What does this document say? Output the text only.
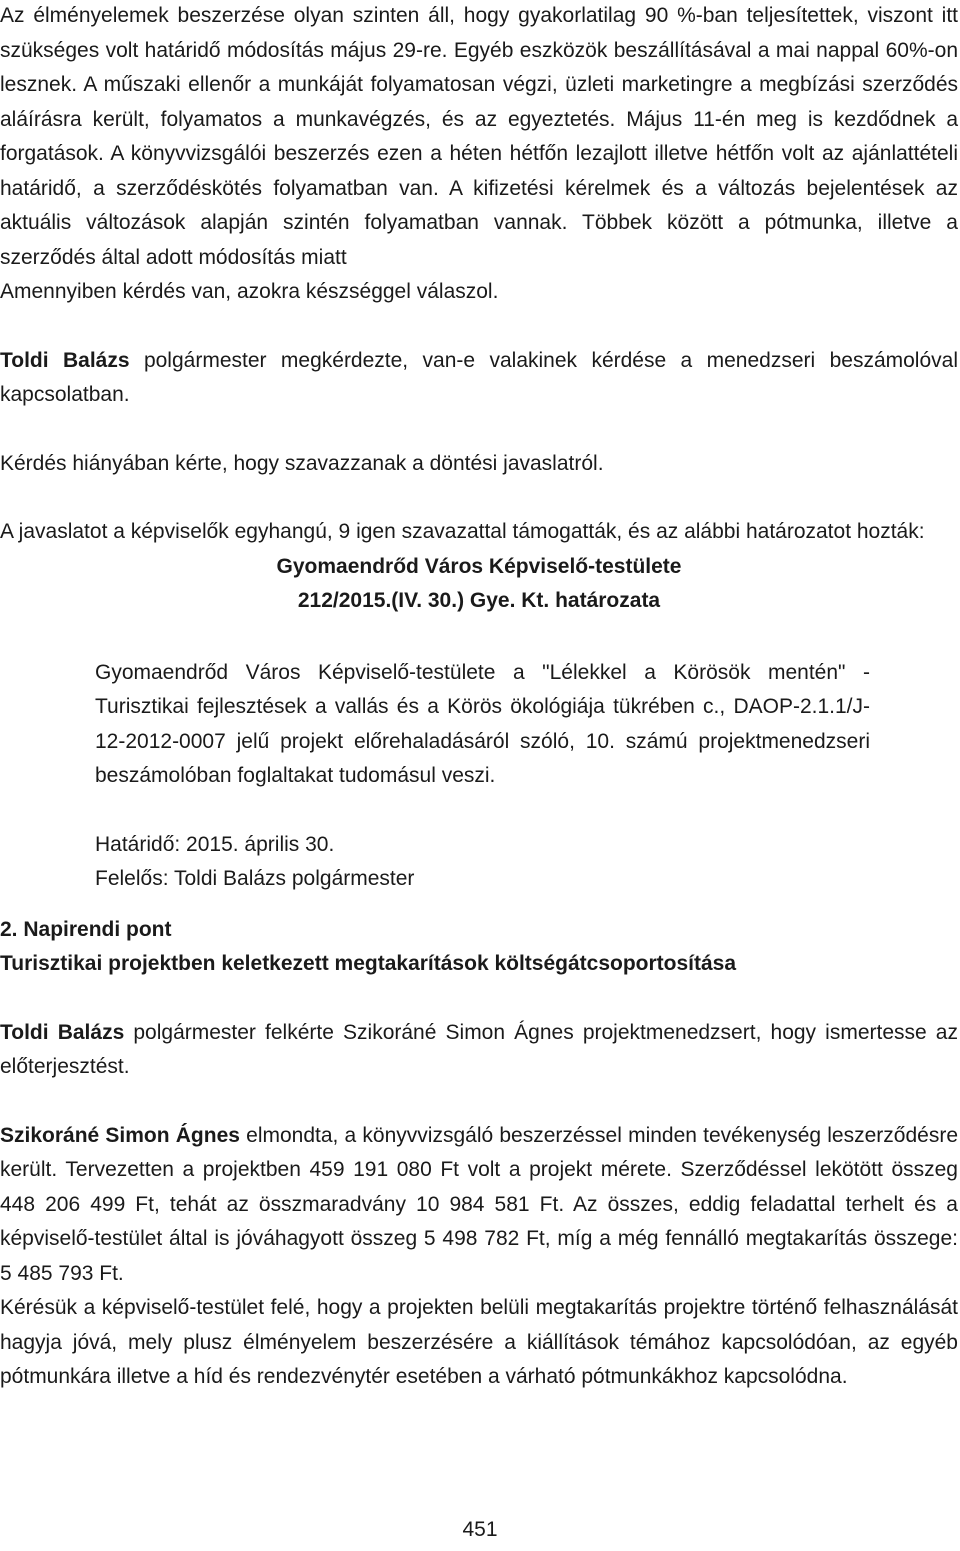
Az élményelemek beszerzése olyan szinten áll, hogy gyakorlatilag 90 %-ban teljesítettek, viszont itt szükséges volt határidő módosítás május 29-re. Egyéb eszközök beszállításával a mai nappal 60%-on lesznek. A műszaki ellenőr a munkáját folyamatosan végzi, üzleti marketingre a megbízási szerződés aláírásra került, folyamatos a munkavégzés, és az egyeztetés. Május 11-én meg is kezdődnek a forgatások. A könyvvizsgálói beszerzés ezen a héten hétfőn lezajlott illetve hétfőn volt az ajánlattételi határidő, a szerződéskötés folyamatban van. A kifizetési kérelmek és a változás bejelentések az aktuális változások alapján szintén folyamatban vannak. Többek között a pótmunka, illetve a szerződés által adott módosítás miatt

Amennyiben kérdés van, azokra készséggel válaszol.

Toldi Balázs polgármester megkérdezte, van-e valakinek kérdése a menedzseri beszámolóval kapcsolatban.

Kérdés hiányában kérte, hogy szavazzanak a döntési javaslatról.

A javaslatot a képviselők egyhangú, 9 igen szavazattal támogatták, és az alábbi határozatot hozták:

Gyomaendrőd Város Képviselő-testülete

212/2015.(IV. 30.) Gye. Kt. határozata

Gyomaendrőd Város Képviselő-testülete a "Lélekkel a Körösök mentén" - Turisztikai fejlesztések a vallás és a Körös ökológiája tükrében c., DAOP-2.1.1/J-12-2012-0007 jelű projekt előrehaladásáról szóló, 10. számú projektmenedzseri beszámolóban foglaltakat tudomásul veszi.

Határidő: 2015. április 30.

Felelős: Toldi Balázs polgármester

2. Napirendi pont

Turisztikai projektben keletkezett megtakarítások költségátcsoportosítása

Toldi Balázs polgármester felkérte Szikoráné Simon Ágnes projektmenedzsert, hogy ismertesse az előterjesztést.

Szikoráné Simon Ágnes elmondta, a könyvvizsgáló beszerzéssel minden tevékenység leszerződésre került. Tervezetten a projektben 459 191 080 Ft volt a projekt mérete. Szerződéssel lekötött összeg 448 206 499 Ft, tehát az összmaradvány 10 984 581 Ft. Az összes, eddig feladattal terhelt és a képviselő-testület által is jóváhagyott összeg 5 498 782 Ft, míg a még fennálló megtakarítás összege: 5 485 793 Ft.

Kérésük a képviselő-testület felé, hogy a projekten belüli megtakarítás projektre történő felhasználását hagyja jóvá, mely plusz élményelem beszerzésére a kiállítások témához kapcsolódóan, az egyéb pótmunkára illetve a híd és rendezvénytér esetében a várható pótmunkákhoz kapcsolódna.

451
